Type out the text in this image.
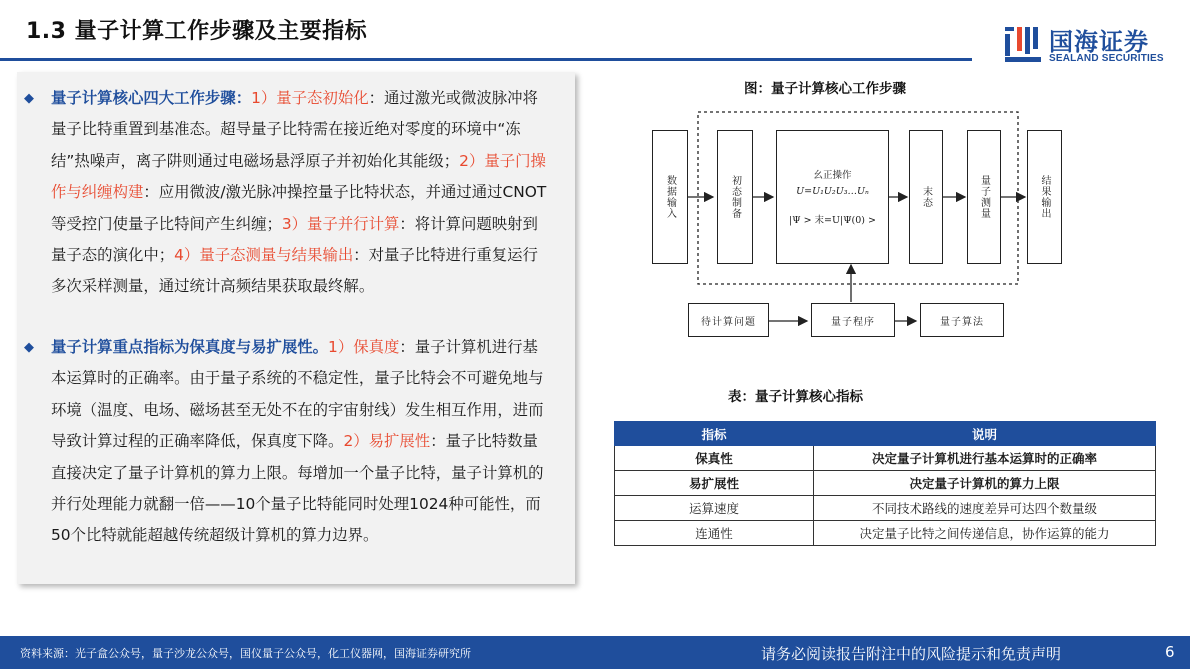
1.3 量子计算工作步骤及主要指标	国海证券
SEALAND SECURITIES
◆ 量子计算核心四大工作步骤：1）量子态初始化：通过激光或微波脉冲将量子比特重置到基准态。超导量子比特需在接近绝对零度的环境中“冻结”热噪声，离子阱则通过电磁场悬浮原子并初始化其能级；2）量子门操作与纠缠构建：应用微波/激光脉冲操控量子比特状态，并通过通过CNOT等受控门使量子比特间产生纠缠；3）量子并行计算：将计算问题映射到量子态的演化中；4）量子态测量与结果输出：对量子比特进行重复运行多次采样测量，通过统计高频结果获取最终解。
◆ 量子计算重点指标为保真度与易扩展性。1）保真度：量子计算机进行基本运算时的正确率。由于量子系统的不稳定性，量子比特会不可避免地与环境（温度、电场、磁场甚至无处不在的宇宙射线）发生相互作用，进而导致计算过程的正确率降低，保真度下降。2）易扩展性：量子比特数量直接决定了量子计算机的算力上限。每增加一个量子比特，量子计算机的并行处理能力就翻一倍——10个量子比特能同时处理1024种可能性，而50个比特就能超越传统超级计算机的算力边界。
图：量子计算核心工作步骤
数据输入	初态制备	幺正操作
U=U₁U₂U₃…Uₙ
|Ψ > 末=U|Ψ(0) >
末态	量子测量	结果输出
待计算问题	量子程序	量子算法
表：量子计算核心指标
指标	说明
保真性	决定量子计算机进行基本运算时的正确率
易扩展性	决定量子计算机的算力上限
运算速度	不同技术路线的速度差异可达四个数量级
连通性	决定量子比特之间传递信息，协作运算的能力
资料来源：光子盒公众号，量子沙龙公众号，国仪量子公众号，化工仪器网，国海证券研究所	请务必阅读报告附注中的风险提示和免责声明	6
